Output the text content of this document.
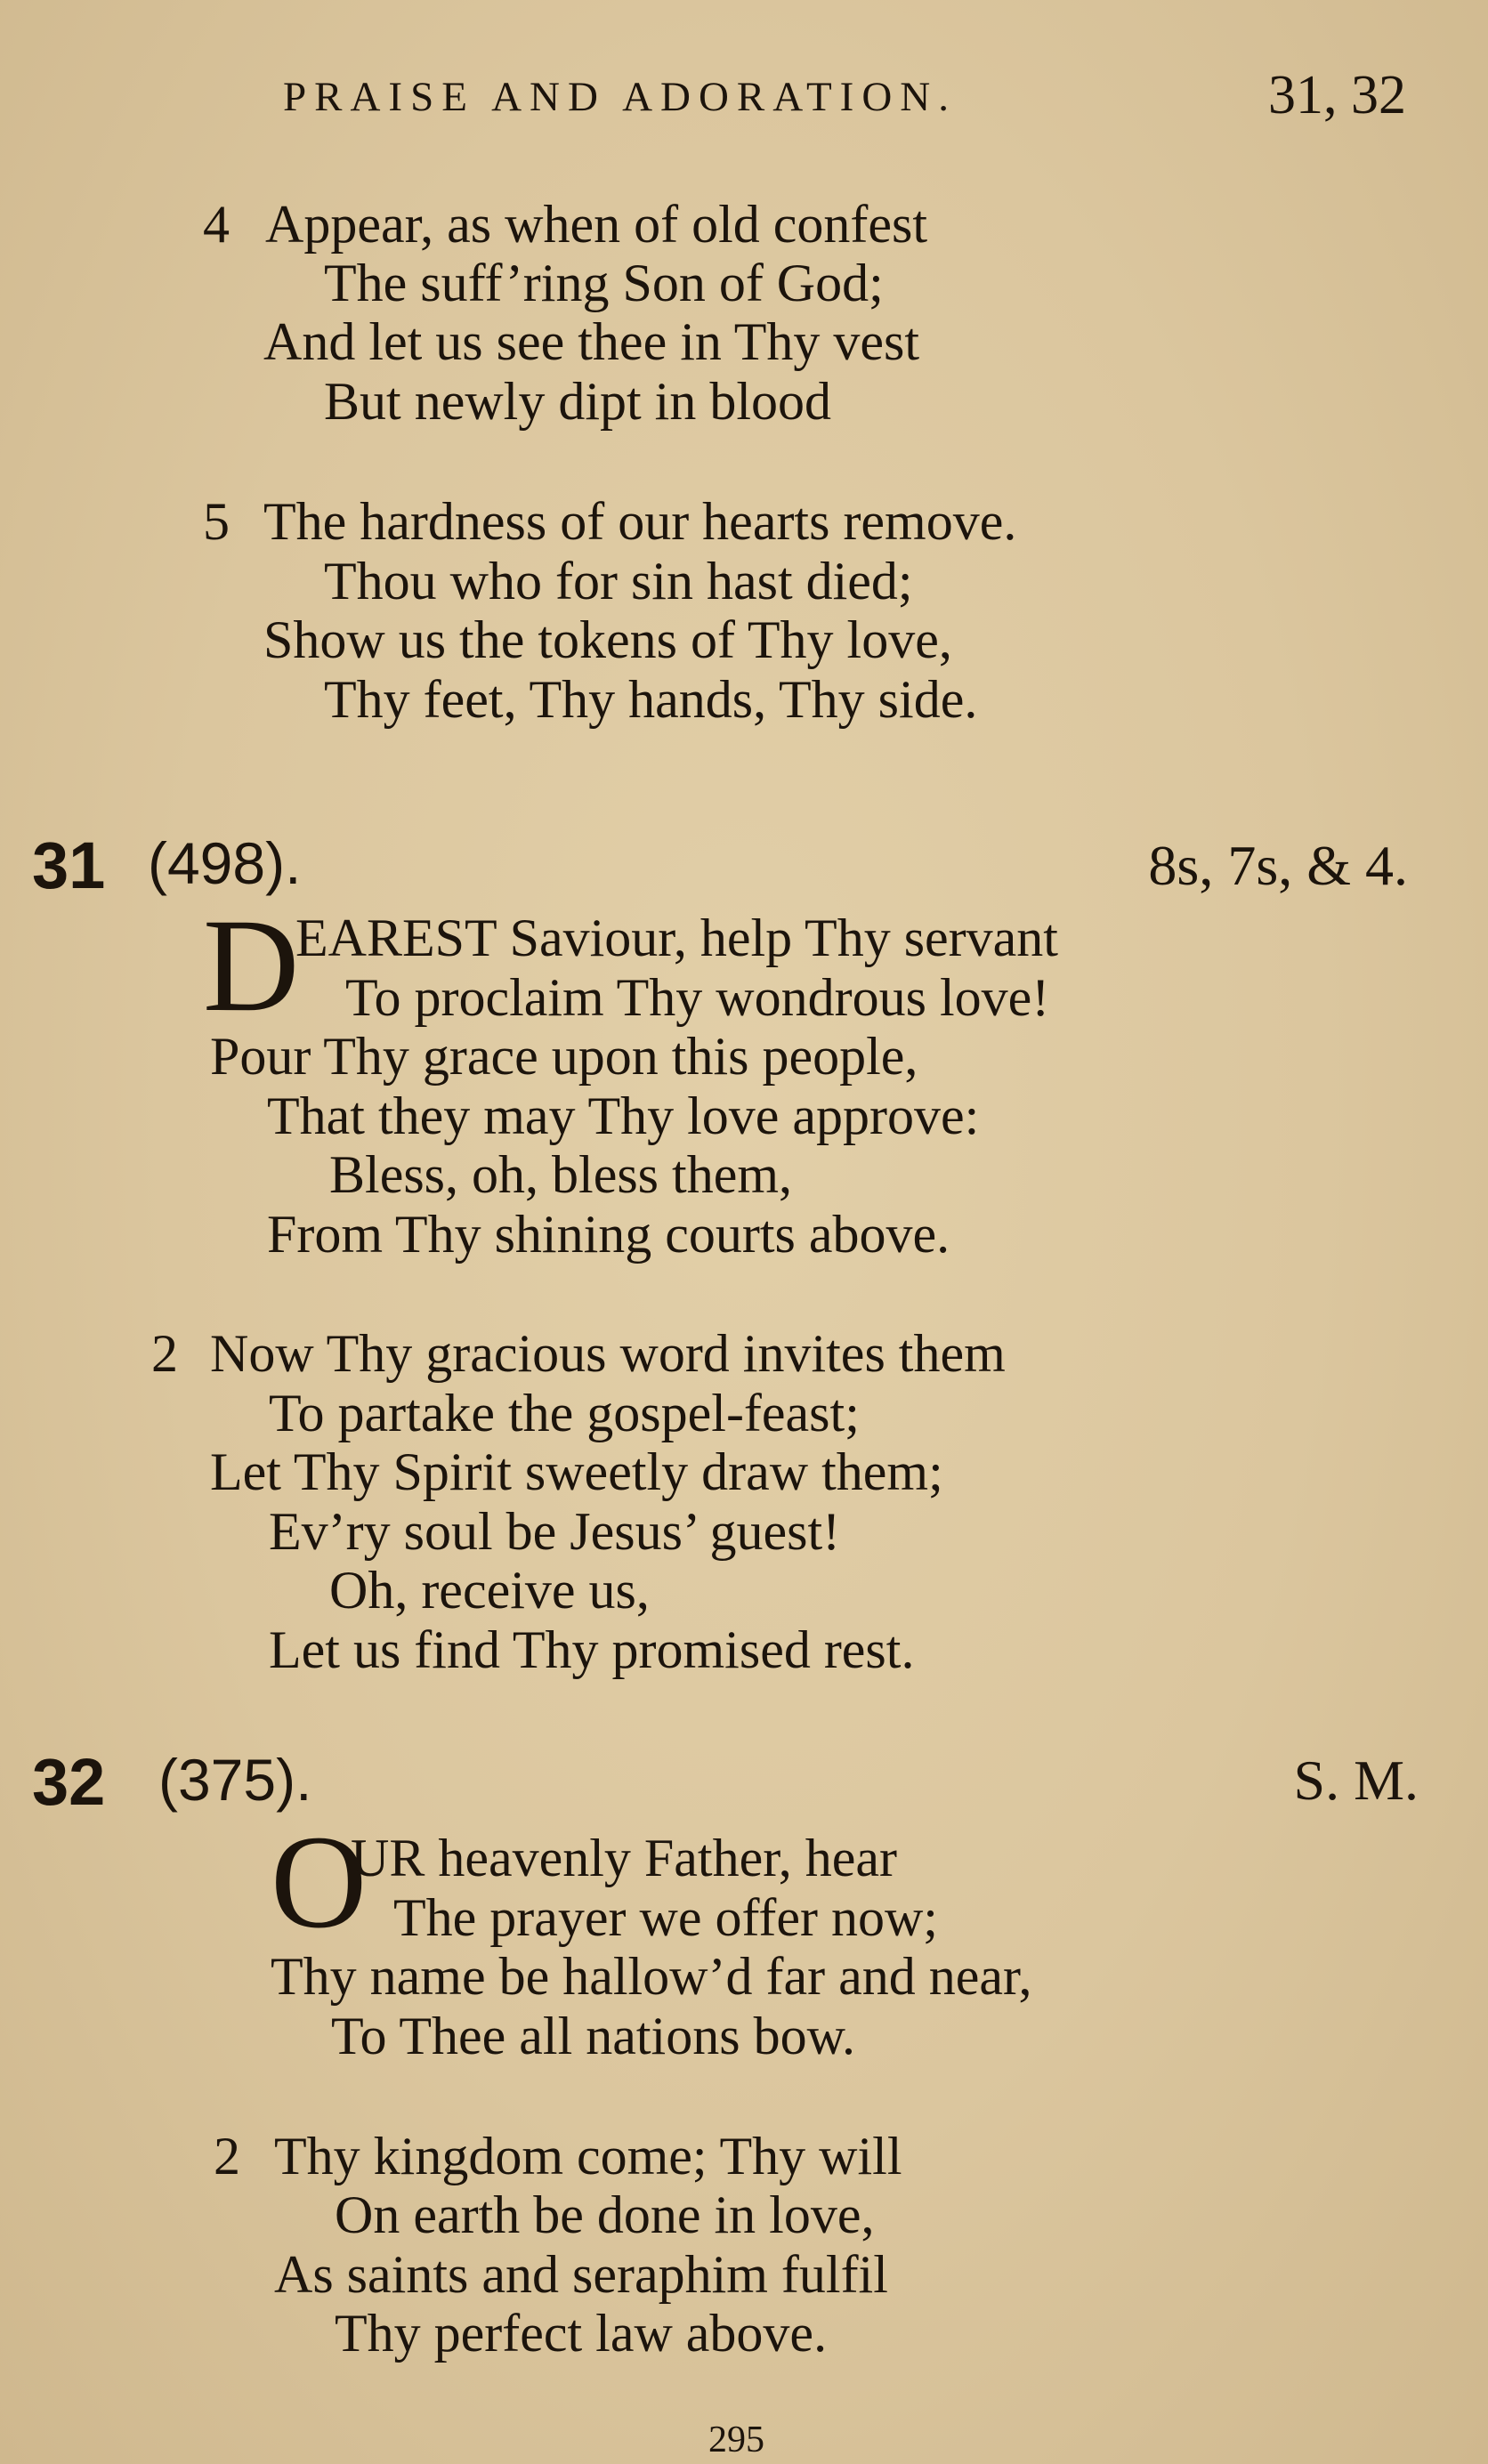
PRAISE AND ADORATION.	31, 32
4 Appear, as when of old confest
The suff’ring Son of God;
And let us see thee in Thy vest
But newly dipt in blood
5 The hardness of our hearts remove.
Thou who for sin hast died;
Show us the tokens of Thy love,
Thy feet, Thy hands, Thy side.
31 (498).	8s, 7s, & 4.
D
EAREST Saviour, help Thy servant
To proclaim Thy wondrous love!
Pour Thy grace upon this people,
That they may Thy love approve:
Bless, oh, bless them,
From Thy shining courts above.
2 Now Thy gracious word invites them
To partake the gospel-feast;
Let Thy Spirit sweetly draw them;
Ev’ry soul be Jesus’ guest!
Oh, receive us,
Let us find Thy promised rest.
32 (375).	S. M.
O
UR heavenly Father, hear
The prayer we offer now;
Thy name be hallow’d far and near,
To Thee all nations bow.
2 Thy kingdom come; Thy will
On earth be done in love,
As saints and seraphim fulfil
Thy perfect law above.
295
